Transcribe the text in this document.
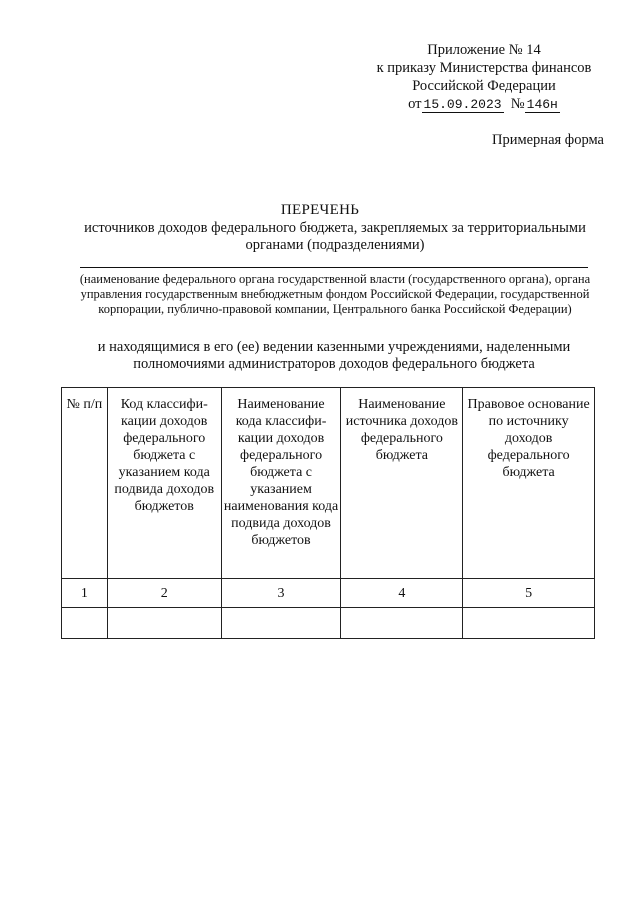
Приложение № 14
к приказу Министерства финансов
Российской Федерации
от 15.09.2023 № 146н
Примерная форма
ПЕРЕЧЕНЬ
источников доходов федерального бюджета, закрепляемых за территориальными органами (подразделениями)
(наименование федерального органа государственной власти (государственного органа), органа управления государственным внебюджетным фондом Российской Федерации, государственной корпорации, публично-правовой компании, Центрального банка Российской Федерации)
и находящимися в его (ее) ведении казенными учреждениями, наделенными полномочиями администраторов доходов федерального бюджета
№ п/п	Код классифи-кации доходов федерального бюджета с указанием кода подвида доходов бюджетов	Наименование кода классифи-кации доходов федерального бюджета с указанием наименования кода подвида доходов бюджетов	Наименование источника доходов федерального бюджета	Правовое основание по источнику доходов федерального бюджета
1	2	3	4	5
